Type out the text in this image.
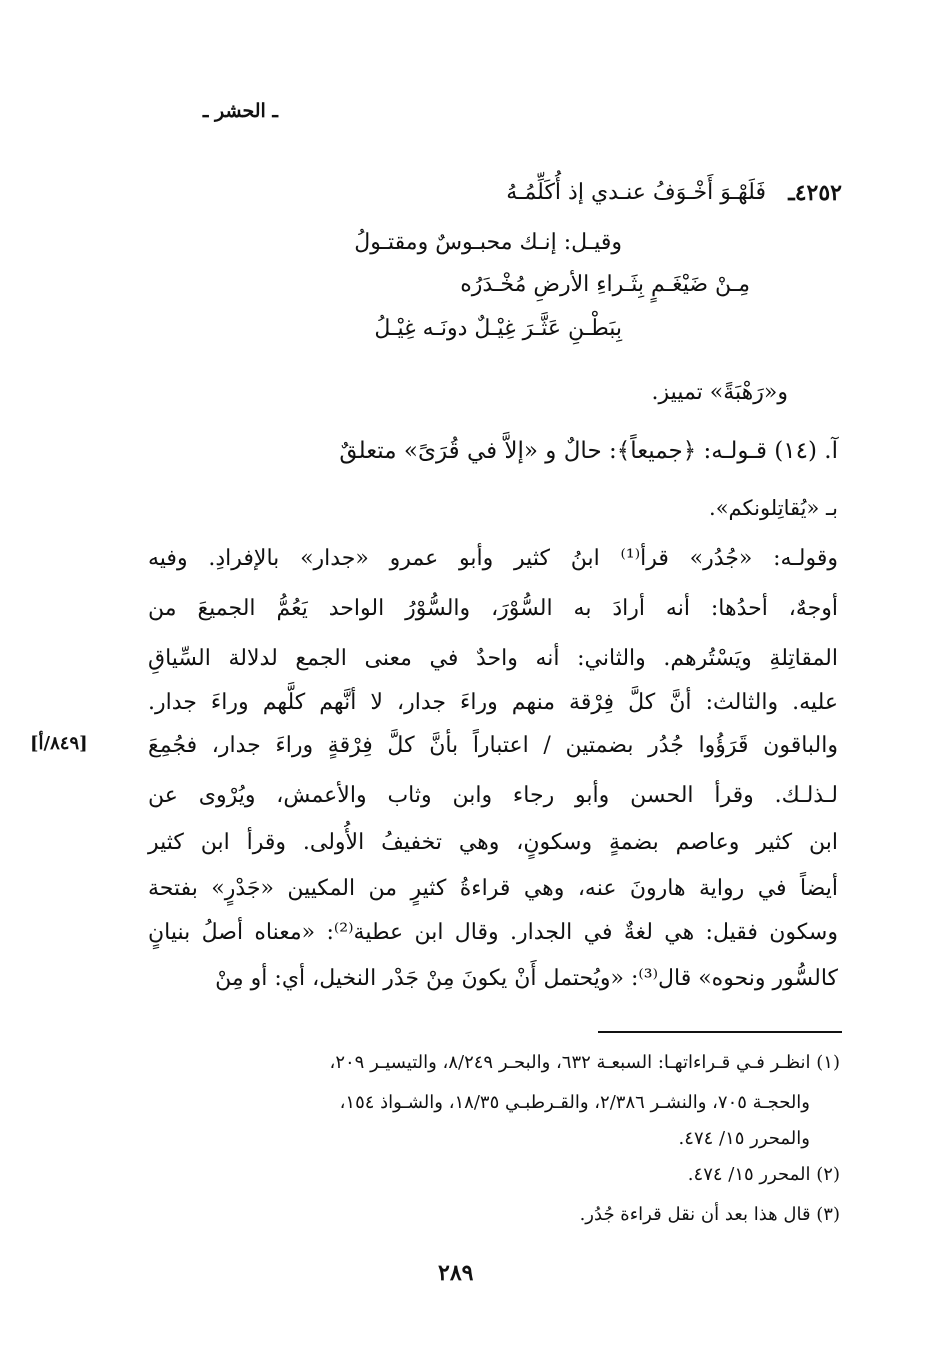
ـ الحشر ـ
٤٢٥٢ـ
فَلَهْـوَ أَخْـوَفُ عنـدي إذ أُكَلِّمُـهُ
وقيـل: إنـك محبـوسٌ ومقتـولُ
مِـنْ ضَيْغَـمٍ بِثَـراءِ الأرضِ مُخْـدَرُه
بِبَطْـنِ عَثَّـرَ غِيْـلٌ دونَـه غِيْـلُ
و«رَهْبَةً» تمييز.
آ. (١٤) قـولـه: ﴿جميعاً﴾: حالٌ و «إلاَّ في قُرَىً» متعلقٌ
بـ «يُقاتِلونكم».
وقولـه: «جُدُر» قرأ⁽¹⁾ ابنُ كثير وأبو عمرو «جدار» بالإفرادِ. وفيه
أوجهٌ، أحدُها: أنه أرادَ به السُّوْرَ، والسُّوْرُ الواحد يَعُمُّ الجميعَ من
المقاتِلةِ ويَسْتُرهم. والثاني: أنه واحدٌ في معنى الجمع لدلالة السِّياقِ
عليه. والثالث: أنَّ كلَّ فِرْقة منهم وراءَ جدار، لا أنَّهم كلَّهم وراءَ جدار.
والباقون قَرَؤُوا جُدُر بضمتين / اعتباراً بأنَّ كلَّ فِرْقةٍ وراءَ جدار، فجُمِعَ
لـذلـك. وقرأ الحسن وأبو رجاء وابن وثاب والأعمش، ويُرْوى عن
ابن كثير وعاصم بضمةٍ وسكونٍ، وهي تخفيفُ الأُولى. وقرأ ابن كثير
أيضاً في رواية هارونَ عنه، وهي قراءةُ كثيرٍ من المكيين «جَدْرٍ» بفتحة
وسكون فقيل: هي لغةٌ في الجدار. وقال ابن عطية⁽²⁾: «معناه أصلُ بنيانٍ
كالسُّور ونحوه» قال⁽³⁾: «ويُحتمل أَنْ يكونَ مِنْ جَدْر النخيل، أي: أو مِنْ
[٨٤٩/أ]
(١) انظـر فـي قـراءاتهـا: السبعـة ٦٣٢، والبحـر ٨/٢٤٩، والتيسيـر ٢٠٩،
والحجـة ٧٠٥، والنشـر ٢/٣٨٦، والقـرطبـي ١٨/٣٥، والشـواذ ١٥٤،
والمحرر ١٥/ ٤٧٤.
(٢) المحرر ١٥/ ٤٧٤.
(٣) قال هذا بعد أن نقل قراءة جُدُر.
٢٨٩
